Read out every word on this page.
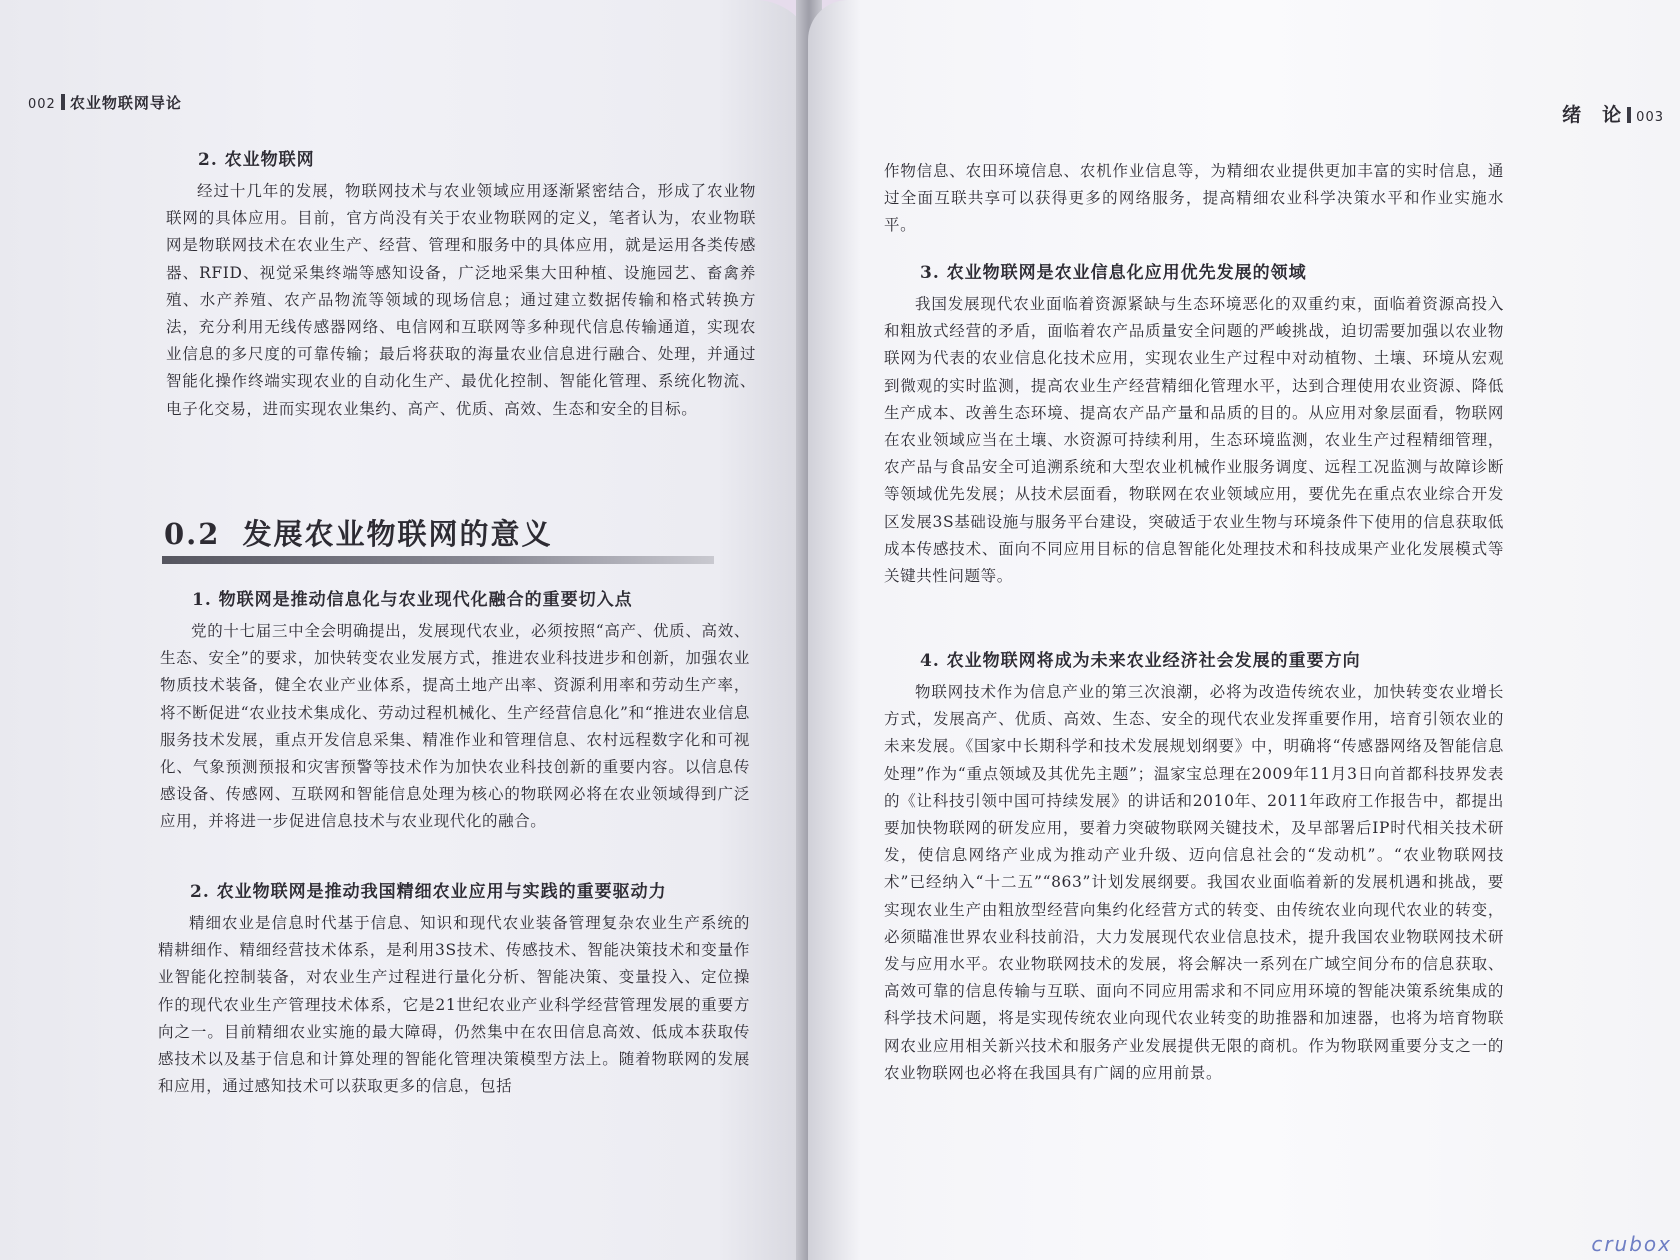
002 农业物联网导论
2. 农业物联网

经过十几年的发展，物联网技术与农业领域应用逐渐紧密结合，形成了农业物联网的具体应用。目前，官方尚没有关于农业物联网的定义，笔者认为，农业物联网是物联网技术在农业生产、经营、管理和服务中的具体应用，就是运用各类传感器、RFID、视觉采集终端等感知设备，广泛地采集大田种植、设施园艺、畜禽养殖、水产养殖、农产品物流等领域的现场信息；通过建立数据传输和格式转换方法，充分利用无线传感器网络、电信网和互联网等多种现代信息传输通道，实现农业信息的多尺度的可靠传输；最后将获取的海量农业信息进行融合、处理，并通过智能化操作终端实现农业的自动化生产、最优化控制、智能化管理、系统化物流、电子化交易，进而实现农业集约、高产、优质、高效、生态和安全的目标。

0.2 发展农业物联网的意义
1. 物联网是推动信息化与农业现代化融合的重要切入点

党的十七届三中全会明确提出，发展现代农业，必须按照“高产、优质、高效、生态、安全”的要求，加快转变农业发展方式，推进农业科技进步和创新，加强农业物质技术装备，健全农业产业体系，提高土地产出率、资源利用率和劳动生产率，将不断促进“农业技术集成化、劳动过程机械化、生产经营信息化”和“推进农业信息服务技术发展，重点开发信息采集、精准作业和管理信息、农村远程数字化和可视化、气象预测预报和灾害预警等技术作为加快农业科技创新的重要内容。以信息传感设备、传感网、互联网和智能信息处理为核心的物联网必将在农业领域得到广泛应用，并将进一步促进信息技术与农业现代化的融合。

2. 农业物联网是推动我国精细农业应用与实践的重要驱动力

精细农业是信息时代基于信息、知识和现代农业装备管理复杂农业生产系统的精耕细作、精细经营技术体系，是利用3S技术、传感技术、智能决策技术和变量作业智能化控制装备，对农业生产过程进行量化分析、智能决策、变量投入、定位操作的现代农业生产管理技术体系，它是21世纪农业产业科学经营管理发展的重要方向之一。目前精细农业实施的最大障碍，仍然集中在农田信息高效、低成本获取传感技术以及基于信息和计算处理的智能化管理决策模型方法上。随着物联网的发展和应用，通过感知技术可以获取更多的信息，包括

绪　论 003

作物信息、农田环境信息、农机作业信息等，为精细农业提供更加丰富的实时信息，通过全面互联共享可以获得更多的网络服务，提高精细农业科学决策水平和作业实施水平。

3. 农业物联网是农业信息化应用优先发展的领域

我国发展现代农业面临着资源紧缺与生态环境恶化的双重约束，面临着资源高投入和粗放式经营的矛盾，面临着农产品质量安全问题的严峻挑战，迫切需要加强以农业物联网为代表的农业信息化技术应用，实现农业生产过程中对动植物、土壤、环境从宏观到微观的实时监测，提高农业生产经营精细化管理水平，达到合理使用农业资源、降低生产成本、改善生态环境、提高农产品产量和品质的目的。从应用对象层面看，物联网在农业领域应当在土壤、水资源可持续利用，生态环境监测，农业生产过程精细管理，农产品与食品安全可追溯系统和大型农业机械作业服务调度、远程工况监测与故障诊断等领域优先发展；从技术层面看，物联网在农业领域应用，要优先在重点农业综合开发区发展3S基础设施与服务平台建设，突破适于农业生物与环境条件下使用的信息获取低成本传感技术、面向不同应用目标的信息智能化处理技术和科技成果产业化发展模式等关键共性问题等。

4. 农业物联网将成为未来农业经济社会发展的重要方向

物联网技术作为信息产业的第三次浪潮，必将为改造传统农业，加快转变农业增长方式，发展高产、优质、高效、生态、安全的现代农业发挥重要作用，培育引领农业的未来发展。《国家中长期科学和技术发展规划纲要》中，明确将“传感器网络及智能信息处理”作为“重点领域及其优先主题”；温家宝总理在2009年11月3日向首都科技界发表的《让科技引领中国可持续发展》的讲话和2010年、2011年政府工作报告中，都提出要加快物联网的研发应用，要着力突破物联网关键技术，及早部署后IP时代相关技术研发，使信息网络产业成为推动产业升级、迈向信息社会的“发动机”。“农业物联网技术”已经纳入“十二五”“863”计划发展纲要。我国农业面临着新的发展机遇和挑战，要实现农业生产由粗放型经营向集约化经营方式的转变、由传统农业向现代农业的转变，必须瞄准世界农业科技前沿，大力发展现代农业信息技术，提升我国农业物联网技术研发与应用水平。农业物联网技术的发展，将会解决一系列在广域空间分布的信息获取、高效可靠的信息传输与互联、面向不同应用需求和不同应用环境的智能决策系统集成的科学技术问题，将是实现传统农业向现代农业转变的助推器和加速器，也将为培育物联网农业应用相关新兴技术和服务产业发展提供无限的商机。作为物联网重要分支之一的农业物联网也必将在我国具有广阔的应用前景。

crubox
